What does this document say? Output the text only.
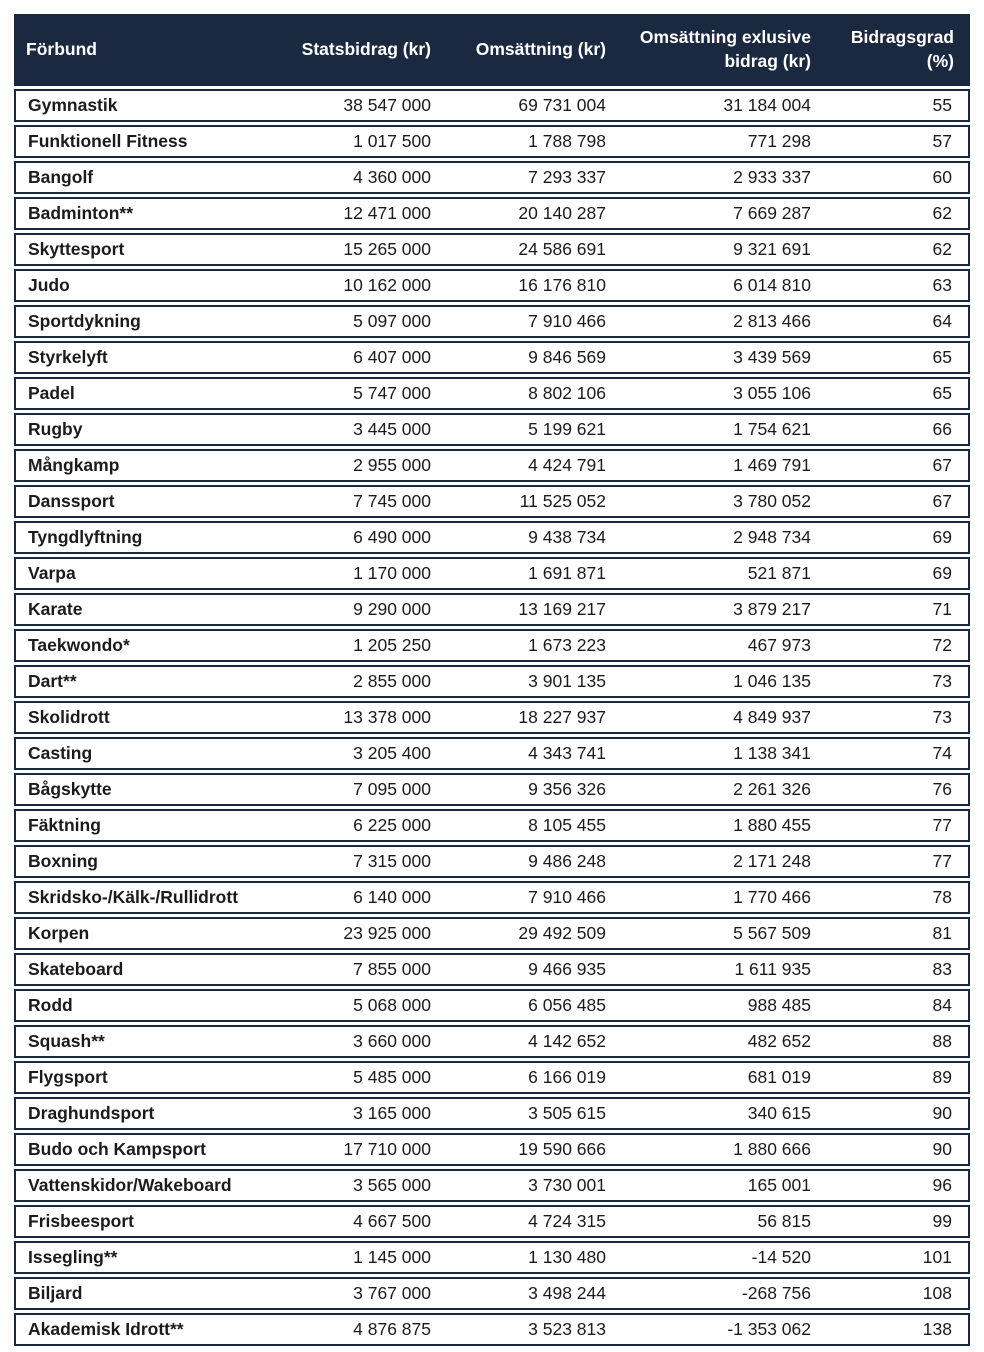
Förbund	Statsbidrag (kr)	Omsättning (kr)	Omsättning exlusive bidrag (kr)	Bidragsgrad (%)
Gymnastik	38 547 000	69 731 004	31 184 004	55
Funktionell Fitness	1 017 500	1 788 798	771 298	57
Bangolf	4 360 000	7 293 337	2 933 337	60
Badminton**	12 471 000	20 140 287	7 669 287	62
Skyttesport	15 265 000	24 586 691	9 321 691	62
Judo	10 162 000	16 176 810	6 014 810	63
Sportdykning	5 097 000	7 910 466	2 813 466	64
Styrkelyft	6 407 000	9 846 569	3 439 569	65
Padel	5 747 000	8 802 106	3 055 106	65
Rugby	3 445 000	5 199 621	1 754 621	66
Mångkamp	2 955 000	4 424 791	1 469 791	67
Danssport	7 745 000	11 525 052	3 780 052	67
Tyngdlyftning	6 490 000	9 438 734	2 948 734	69
Varpa	1 170 000	1 691 871	521 871	69
Karate	9 290 000	13 169 217	3 879 217	71
Taekwondo*	1 205 250	1 673 223	467 973	72
Dart**	2 855 000	3 901 135	1 046 135	73
Skolidrott	13 378 000	18 227 937	4 849 937	73
Casting	3 205 400	4 343 741	1 138 341	74
Bågskytte	7 095 000	9 356 326	2 261 326	76
Fäktning	6 225 000	8 105 455	1 880 455	77
Boxning	7 315 000	9 486 248	2 171 248	77
Skridsko-/Kälk-/Rullidrott	6 140 000	7 910 466	1 770 466	78
Korpen	23 925 000	29 492 509	5 567 509	81
Skateboard	7 855 000	9 466 935	1 611 935	83
Rodd	5 068 000	6 056 485	988 485	84
Squash**	3 660 000	4 142 652	482 652	88
Flygsport	5 485 000	6 166 019	681 019	89
Draghundsport	3 165 000	3 505 615	340 615	90
Budo och Kampsport	17 710 000	19 590 666	1 880 666	90
Vattenskidor/Wakeboard	3 565 000	3 730 001	165 001	96
Frisbeesport	4 667 500	4 724 315	56 815	99
Issegling**	1 145 000	1 130 480	-14 520	101
Biljard	3 767 000	3 498 244	-268 756	108
Akademisk Idrott**	4 876 875	3 523 813	-1 353 062	138
